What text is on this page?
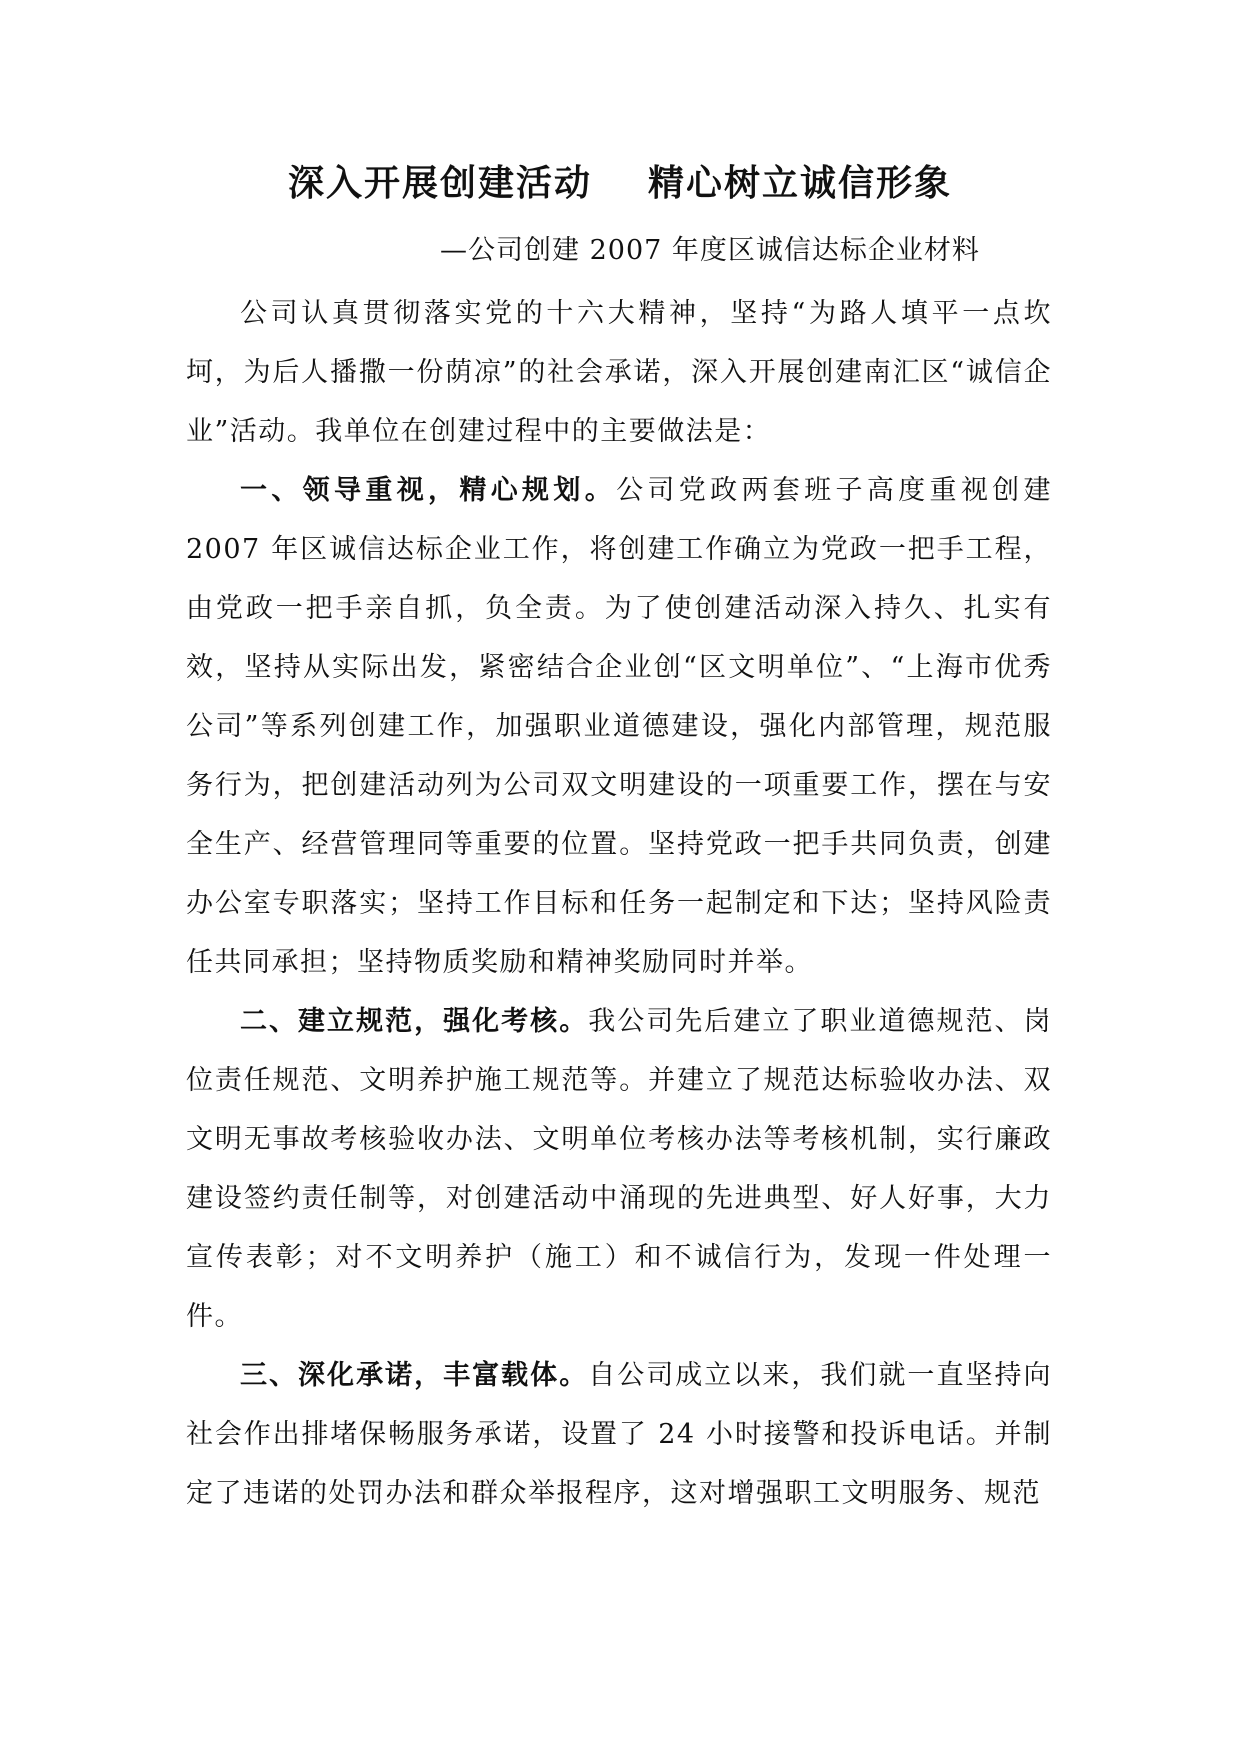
深入开展创建活动 精心树立诚信形象

—公司创建 2007 年度区诚信达标企业材料

公司认真贯彻落实党的十六大精神，坚持“为路人填平一点坎坷，为后人播撒一份荫凉”的社会承诺，深入开展创建南汇区“诚信企业”活动。我单位在创建过程中的主要做法是：

一、领导重视，精心规划。公司党政两套班子高度重视创建 2007 年区诚信达标企业工作，将创建工作确立为党政一把手工程，由党政一把手亲自抓，负全责。为了使创建活动深入持久、扎实有效，坚持从实际出发，紧密结合企业创“区文明单位”、“上海市优秀公司”等系列创建工作，加强职业道德建设，强化内部管理，规范服务行为，把创建活动列为公司双文明建设的一项重要工作，摆在与安全生产、经营管理同等重要的位置。坚持党政一把手共同负责，创建办公室专职落实；坚持工作目标和任务一起制定和下达；坚持风险责任共同承担；坚持物质奖励和精神奖励同时并举。

二、建立规范，强化考核。我公司先后建立了职业道德规范、岗位责任规范、文明养护施工规范等。并建立了规范达标验收办法、双文明无事故考核验收办法、文明单位考核办法等考核机制，实行廉政建设签约责任制等，对创建活动中涌现的先进典型、好人好事，大力宣传表彰；对不文明养护（施工）和不诚信行为，发现一件处理一件。

三、深化承诺，丰富载体。自公司成立以来，我们就一直坚持向社会作出排堵保畅服务承诺，设置了 24 小时接警和投诉电话。并制定了违诺的处罚办法和群众举报程序，这对增强职工文明服务、规范
